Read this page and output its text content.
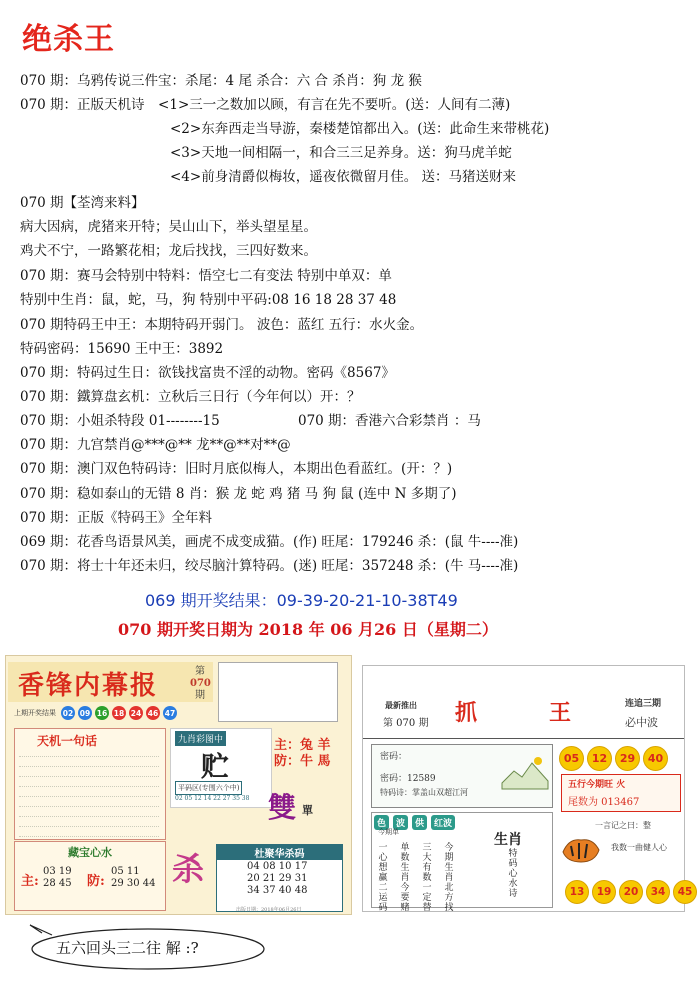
绝杀王
070 期：乌鸦传说三件宝：杀尾：4 尾 杀合：六 合 杀肖：狗 龙 猴
070 期：正版天机诗　<1>三一之数加以顾，有言在先不要听。(送：人间有二薄)
<2>东奔西走当导游，秦楼楚馆都出入。(送：此命生来带桃花)
<3>天地一间相隔一，和合三三足养身。送：狗马虎羊蛇
<4>前身清爵似梅妆，遥夜依微留月佳。 送：马猪送财来
070 期【荃湾来料】
病大因病，虎猪来开特；吴山山下，举头望星星。
鸡犬不宁，一路繁花相；龙后找找，三四好数来。
070 期：赛马会特别中特料：悟空七二有变法 特别中单双：单
特别中生肖：鼠，蛇，马，狗 特别中平码:08 16 18 28 37 48
070 期特码王中王：本期特码开弱门。 波色：蓝红 五行：水火金。
特码密码：15690 王中王：3892
070 期：特码过生日：欲钱找富贵不淫的动物。密码《8567》
070 期：鐵算盘玄机：立秋后三日行（今年何以）开：？
070 期：小姐杀特段 01--------15	070 期：香港六合彩禁肖 ：马
070 期：九宫禁肖@***@** 龙**@**对**@
070 期：澳门双色特码诗：旧时月底似梅人，本期出色看蓝红。(开：？)
070 期：稳如泰山的无错 8 肖：猴 龙 蛇 鸡 猪 马 狗 鼠 (连中 N 多期了)
070 期：正版《特码王》全年料
069 期：花香鸟语景风美，画虎不成变成猫。(作) 旺尾：179246 杀：(鼠 牛----准)
070 期：将士十年还未归，绞尽脑汁算特码。(迷) 旺尾：357248 杀：(牛 马----准)
069 期开奖结果：09-39-20-21-10-38T49
070 期开奖日期为 2018 年 06 月26 日（星期二）
香锋内幕报	第
070
期
上期开奖结果 02 09 16 18 24 46 47
天机一句话
藏宝心水
主:
03 19
28 45 防:
05 11
29 30 44
九肖彩图中
贮
平码区(专围六个中)
02 05 12 14 22 27 35 38
主：兔 羊
防：牛 馬
雙 單
杀	杜聚华杀码
04 08 10 17
20 21 29 31
34 37 40 48
出版日期：2018年06月26日
最新推出
第 070 期 抓	王	连追三期
必中波
密码：
密码：12589
特码诗：掌盖山双超江河
05	12	29	40
五行今期旺 火
尾数为 013467
色	波	供	红波
今期单
一心想赢二运码
单数生肖今要赌
三大有数一定替
今期生肖北方找
生肖
特码心水诗
一言记之曰：整
我数一曲健人心
13	19	20	34	45
五六回头三二往 解 :?
